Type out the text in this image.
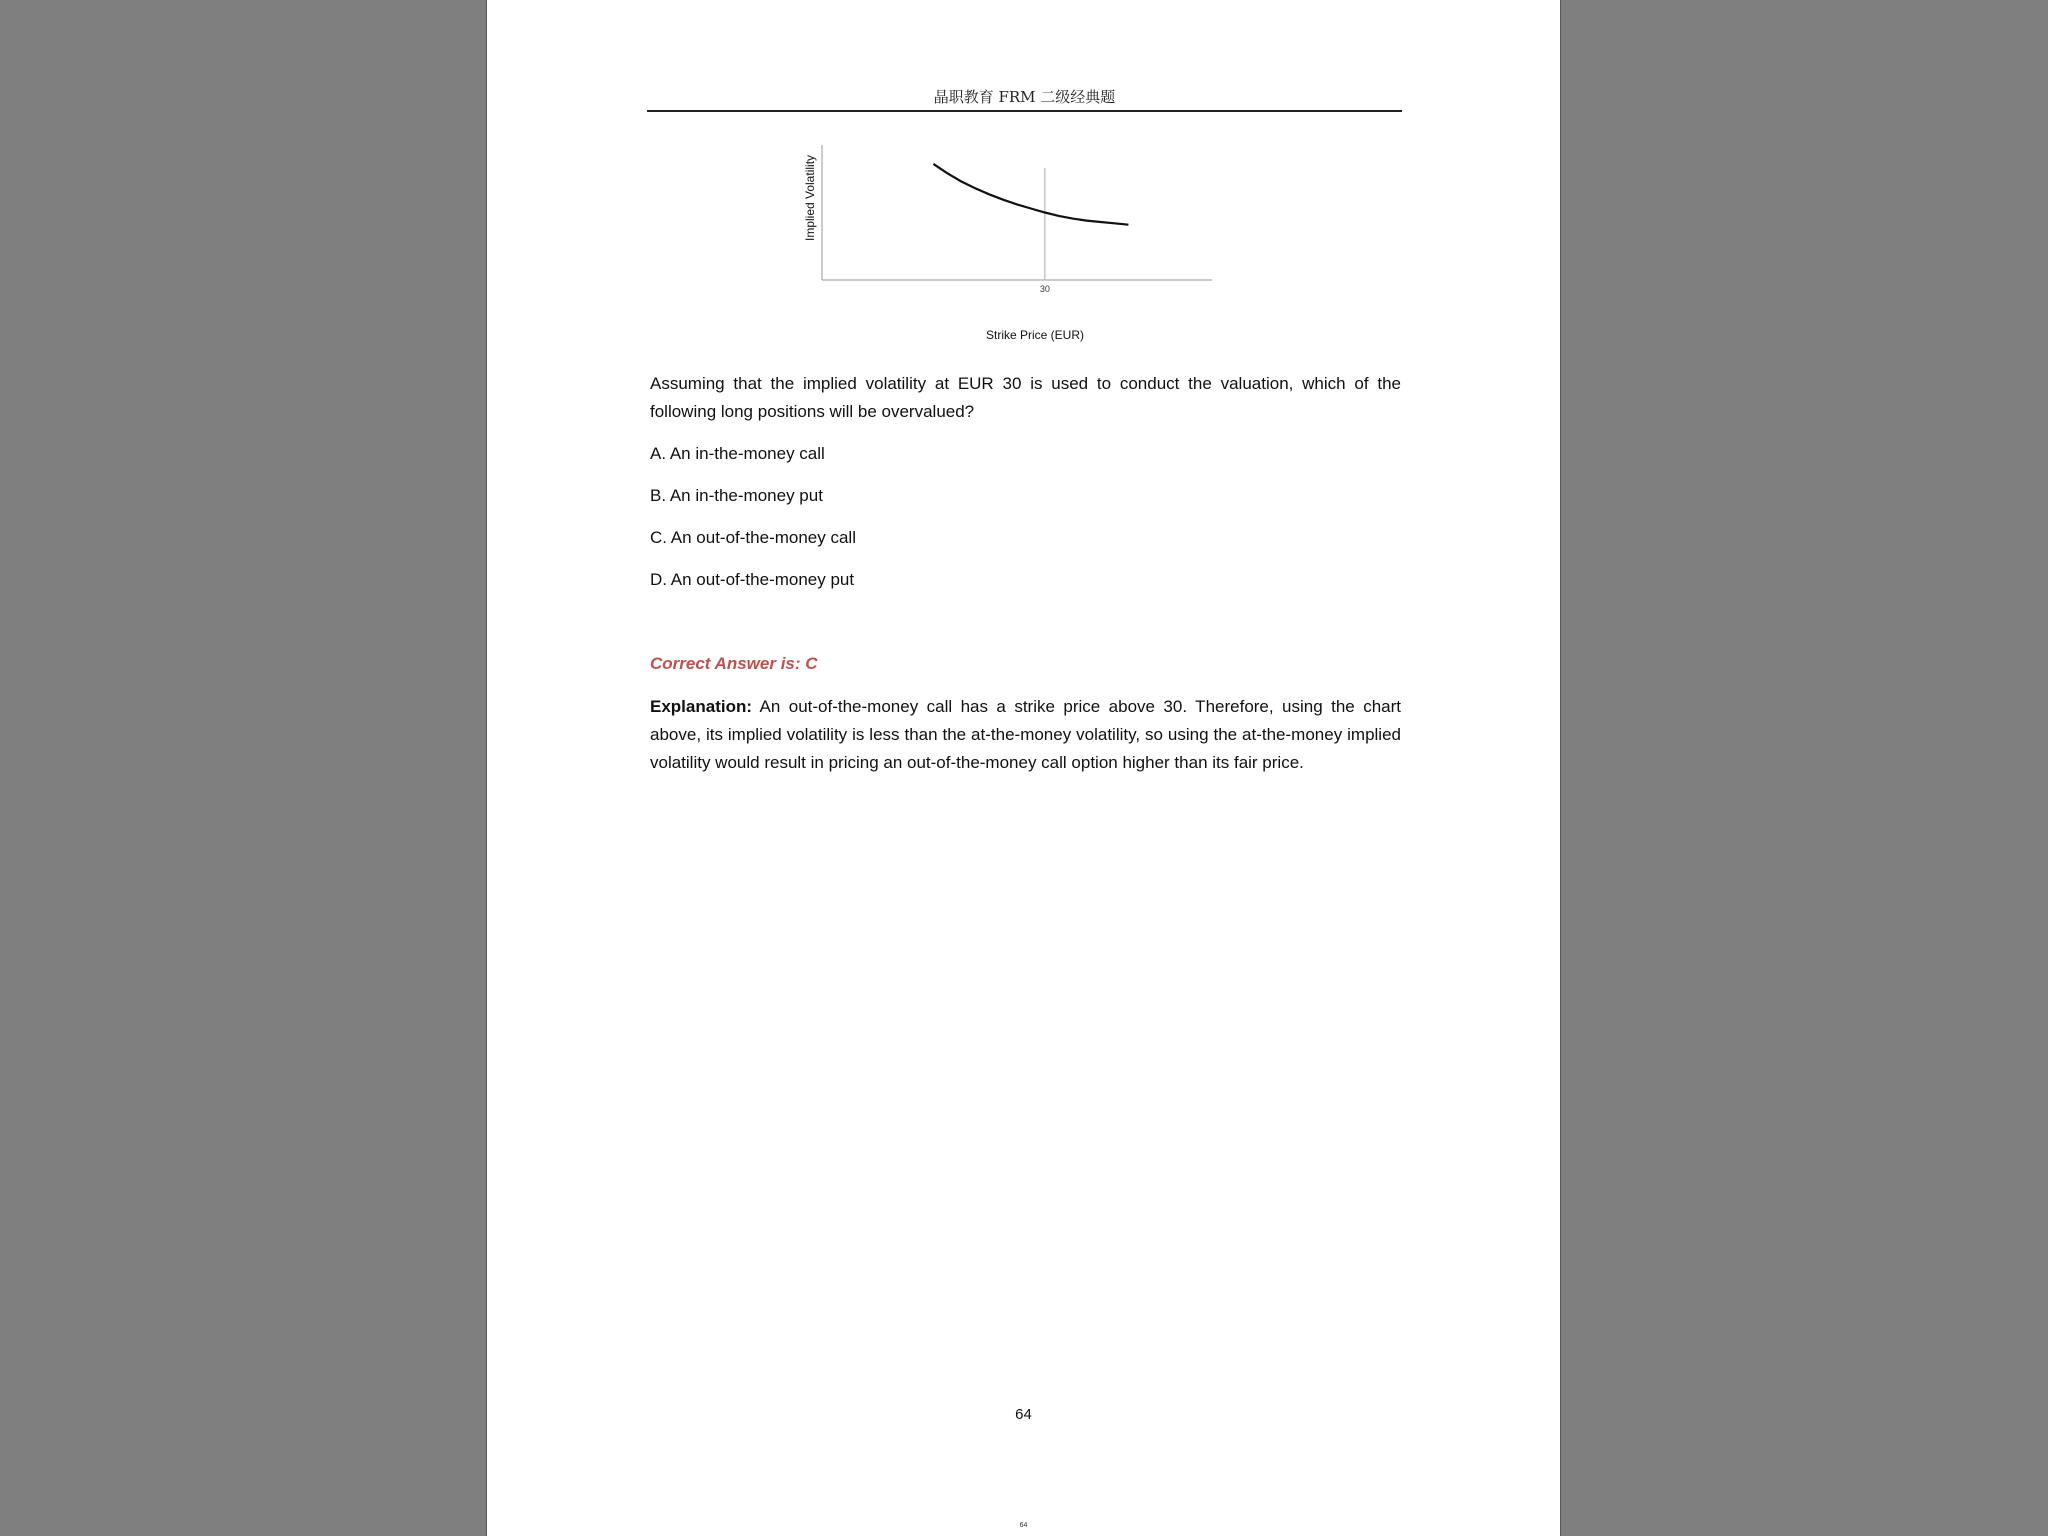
晶职教育 FRM 二级经典题
30
Implied Volatility
Strike Price (EUR)
Assuming that the implied volatility at EUR 30 is used to conduct the valuation, which of the following long positions will be overvalued?
A. An in-the-money call
B. An in-the-money put
C. An out-of-the-money call
D. An out-of-the-money put
Correct Answer is: C
Explanation: An out-of-the-money call has a strike price above 30. Therefore, using the chart above, its implied volatility is less than the at-the-money volatility, so using the at-the-money implied volatility would result in pricing an out-of-the-money call option higher than its fair price.
64
64
